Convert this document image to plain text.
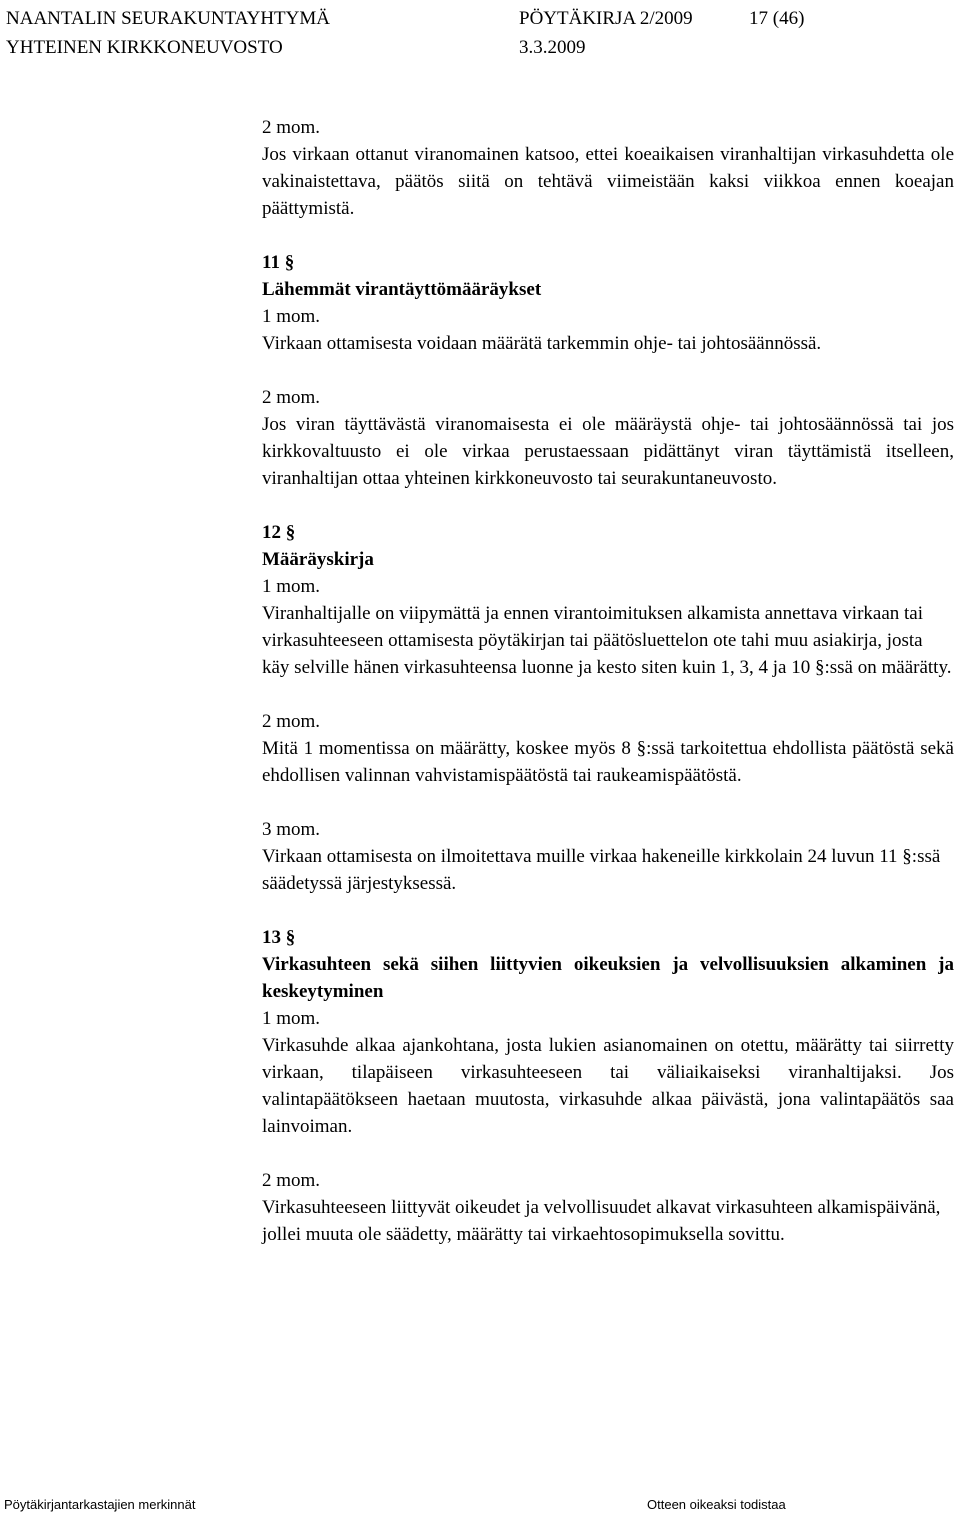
NAANTALIN SEURAKUNTAYHTYMÄ	PÖYTÄKIRJA 2/2009	17 (46)
YHTEINEN KIRKKONEUVOSTO	3.3.2009

2 mom.

Jos virkaan ottanut viranomainen katsoo, ettei koeaikaisen viranhaltijan virkasuhdetta ole vakinaistettava, päätös siitä on tehtävä viimeistään kaksi viikkoa ennen koeajan päättymistä.

11 §

Lähemmät virantäyttömääräykset

1 mom.

Virkaan ottamisesta voidaan määrätä tarkemmin ohje- tai johtosäännössä.

2 mom.

Jos viran täyttävästä viranomaisesta ei ole määräystä ohje- tai johtosäännössä tai jos kirkkovaltuusto ei ole virkaa perustaessaan pidättänyt viran täyttämistä itselleen, viranhaltijan ottaa yhteinen kirkkoneuvosto tai seurakuntaneuvosto.

12 §

Määräyskirja

1 mom.

Viranhaltijalle on viipymättä ja ennen virantoimituksen alkamista annettava virkaan tai virkasuhteeseen ottamisesta pöytäkirjan tai päätösluettelon ote tahi muu asiakirja, josta käy selville hänen virkasuhteensa luonne ja kesto siten kuin 1, 3, 4 ja 10 §:ssä on määrätty.

2 mom.

Mitä 1 momentissa on määrätty, koskee myös 8 §:ssä tarkoitettua ehdollista päätöstä sekä ehdollisen valinnan vahvistamispäätöstä tai raukeamispäätöstä.

3 mom.

Virkaan ottamisesta on ilmoitettava muille virkaa hakeneille kirkkolain 24 luvun 11 §:ssä säädetyssä järjestyksessä.

13 §

Virkasuhteen sekä siihen liittyvien oikeuksien ja velvollisuuksien alkaminen ja keskeytyminen

1 mom.

Virkasuhde alkaa ajankohtana, josta lukien asianomainen on otettu, määrätty tai siirretty virkaan, tilapäiseen virkasuhteeseen tai väliaikaiseksi viranhaltijaksi. Jos valintapäätökseen haetaan muutosta, virkasuhde alkaa päivästä, jona valintapäätös saa lainvoiman.

2 mom.

Virkasuhteeseen liittyvät oikeudet ja velvollisuudet alkavat virkasuhteen alkamispäivänä, jollei muuta ole säädetty, määrätty tai virkaehtosopimuksella sovittu.

Pöytäkirjantarkastajien merkinnät	Otteen oikeaksi todistaa
